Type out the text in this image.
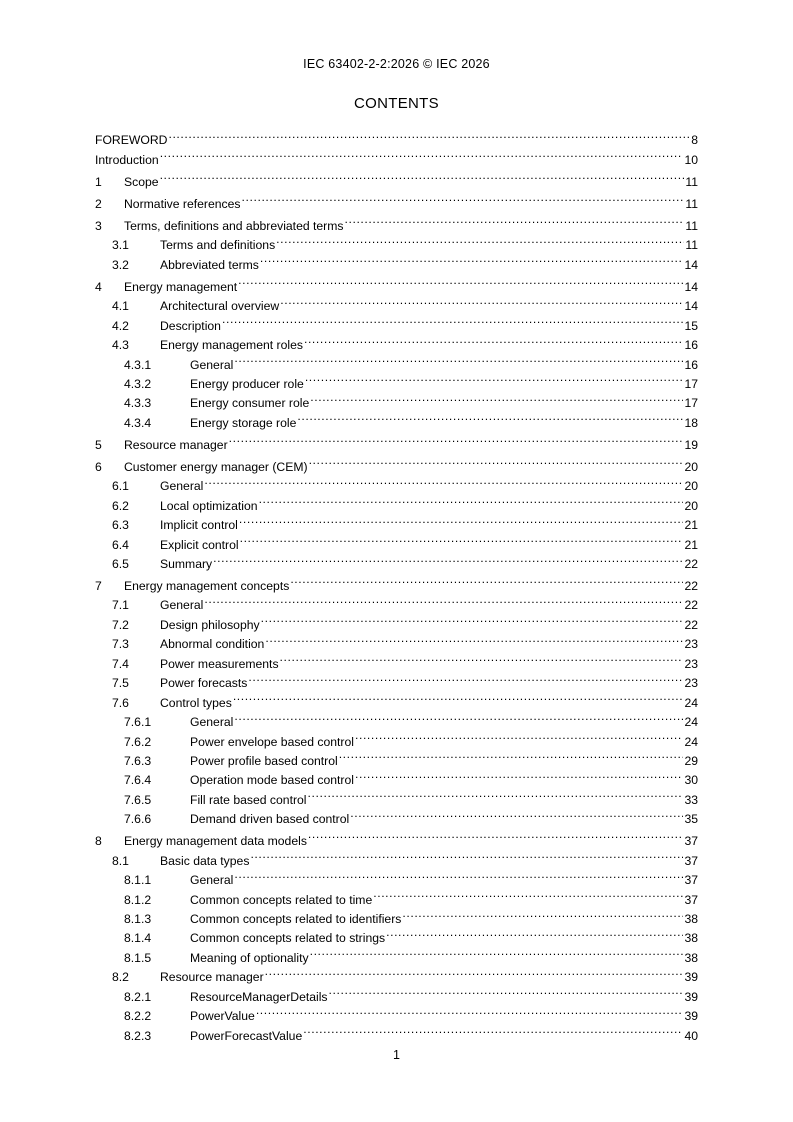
IEC 63402-2-2:2026 © IEC 2026
CONTENTS
FOREWORD .....	8
Introduction .....	10
1	Scope .....	11
2	Normative references .....	11
3	Terms, definitions and abbreviated terms .....	11
3.1	Terms and definitions .....	11
3.2	Abbreviated terms .....	14
4	Energy management .....	14
4.1	Architectural overview .....	14
4.2	Description .....	15
4.3	Energy management roles .....	16
4.3.1	General .....	16
4.3.2	Energy producer role .....	17
4.3.3	Energy consumer role .....	17
4.3.4	Energy storage role .....	18
5	Resource manager .....	19
6	Customer energy manager (CEM) .....	20
6.1	General .....	20
6.2	Local optimization .....	20
6.3	Implicit control .....	21
6.4	Explicit control .....	21
6.5	Summary .....	22
7	Energy management concepts .....	22
7.1	General .....	22
7.2	Design philosophy .....	22
7.3	Abnormal condition .....	23
7.4	Power measurements .....	23
7.5	Power forecasts .....	23
7.6	Control types .....	24
7.6.1	General .....	24
7.6.2	Power envelope based control .....	24
7.6.3	Power profile based control .....	29
7.6.4	Operation mode based control .....	30
7.6.5	Fill rate based control .....	33
7.6.6	Demand driven based control .....	35
8	Energy management data models .....	37
8.1	Basic data types .....	37
8.1.1	General .....	37
8.1.2	Common concepts related to time .....	37
8.1.3	Common concepts related to identifiers .....	38
8.1.4	Common concepts related to strings .....	38
8.1.5	Meaning of optionality .....	38
8.2	Resource manager .....	39
8.2.1	ResourceManagerDetails .....	39
8.2.2	PowerValue .....	39
8.2.3	PowerForecastValue .....	40
1
